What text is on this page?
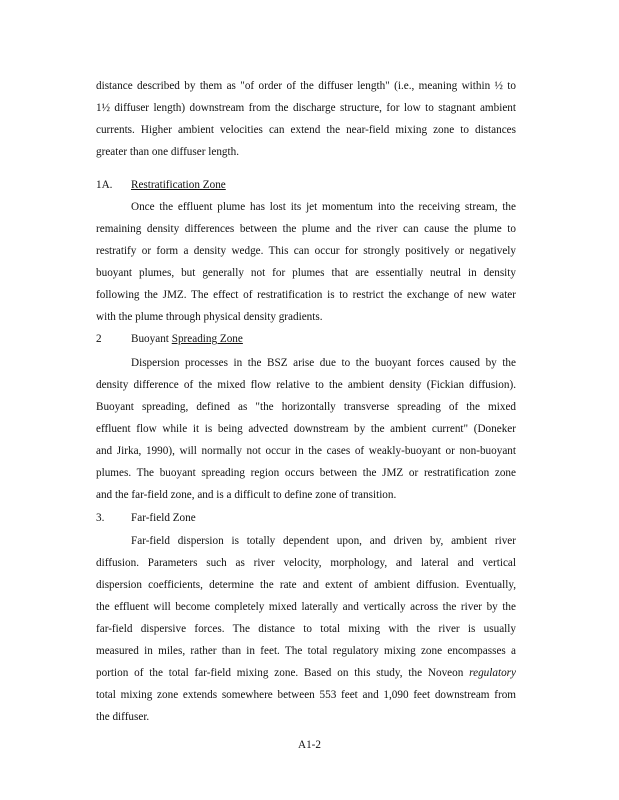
distance described by them as "of order of the diffuser length" (i.e., meaning within ½ to
1½ diffuser length) downstream from the discharge structure, for low to stagnant ambient
currents. Higher ambient velocities can extend the near-field mixing zone to distances
greater than one diffuser length.
1A. Restratification Zone
Once the effluent plume has lost its jet momentum into the receiving stream, the
remaining density differences between the plume and the river can cause the plume to
restratify or form a density wedge. This can occur for strongly positively or negatively
buoyant plumes, but generally not for plumes that are essentially neutral in density
following the JMZ. The effect of restratification is to restrict the exchange of new water
with the plume through physical density gradients.
2	Buoyant Spreading Zone
Dispersion processes in the BSZ arise due to the buoyant forces caused by the
density difference of the mixed flow relative to the ambient density (Fickian diffusion).
Buoyant spreading, defined as "the horizontally transverse spreading of the mixed
effluent flow while it is being advected downstream by the ambient current" (Doneker
and Jirka, 1990), will normally not occur in the cases of weakly-buoyant or non-buoyant
plumes. The buoyant spreading region occurs between the JMZ or restratification zone
and the far-field zone, and is a difficult to define zone of transition.
3. Far-field Zone
Far-field dispersion is totally dependent upon, and driven by, ambient river
diffusion. Parameters such as river velocity, morphology, and lateral and vertical
dispersion coefficients, determine the rate and extent of ambient diffusion. Eventually,
the effluent will become completely mixed laterally and vertically across the river by the
far-field dispersive forces. The distance to total mixing with the river is usually
measured in miles, rather than in feet. The total regulatory mixing zone encompasses a
portion of the total far-field mixing zone. Based on this study, the Noveon regulatory
total mixing zone extends somewhere between 553 feet and 1,090 feet downstream from
the diffuser.
A1-2
